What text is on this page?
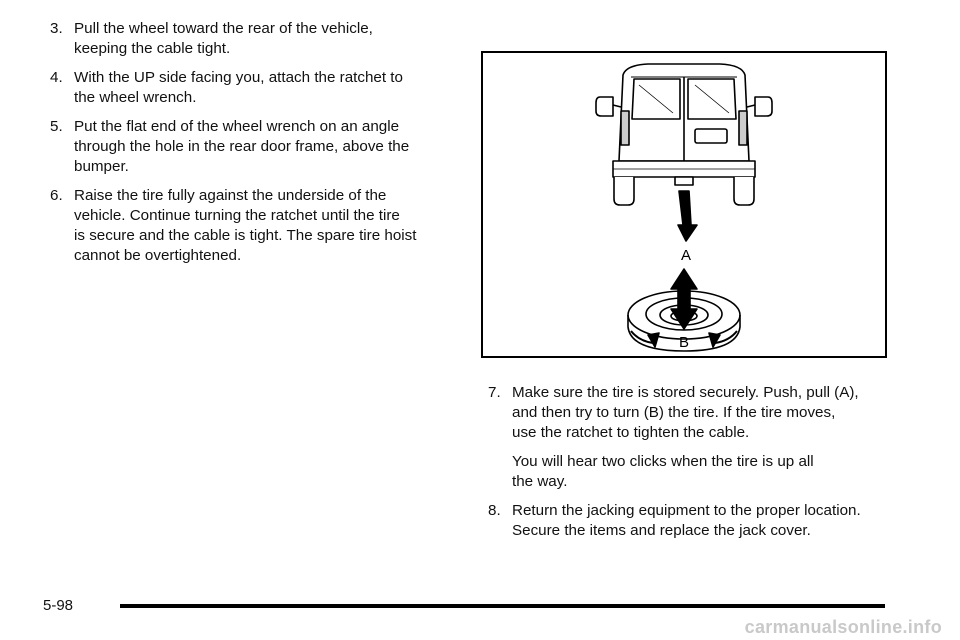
3. Pull the wheel toward the rear of the vehicle,
keeping the cable tight.
4. With the UP side facing you, attach the ratchet to
the wheel wrench.
5. Put the flat end of the wheel wrench on an angle
through the hole in the rear door frame, above the
bumper.
6. Raise the tire fully against the underside of the
vehicle. Continue turning the ratchet until the tire
is secure and the cable is tight. The spare tire hoist
cannot be overtightened.	A
B
7. Make sure the tire is stored securely. Push, pull (A),
and then try to turn (B) the tire. If the tire moves,
use the ratchet to tighten the cable.
You will hear two clicks when the tire is up all
the way.
8. Return the jacking equipment to the proper location.
Secure the items and replace the jack cover.
5-98
carmanualsonline.info
